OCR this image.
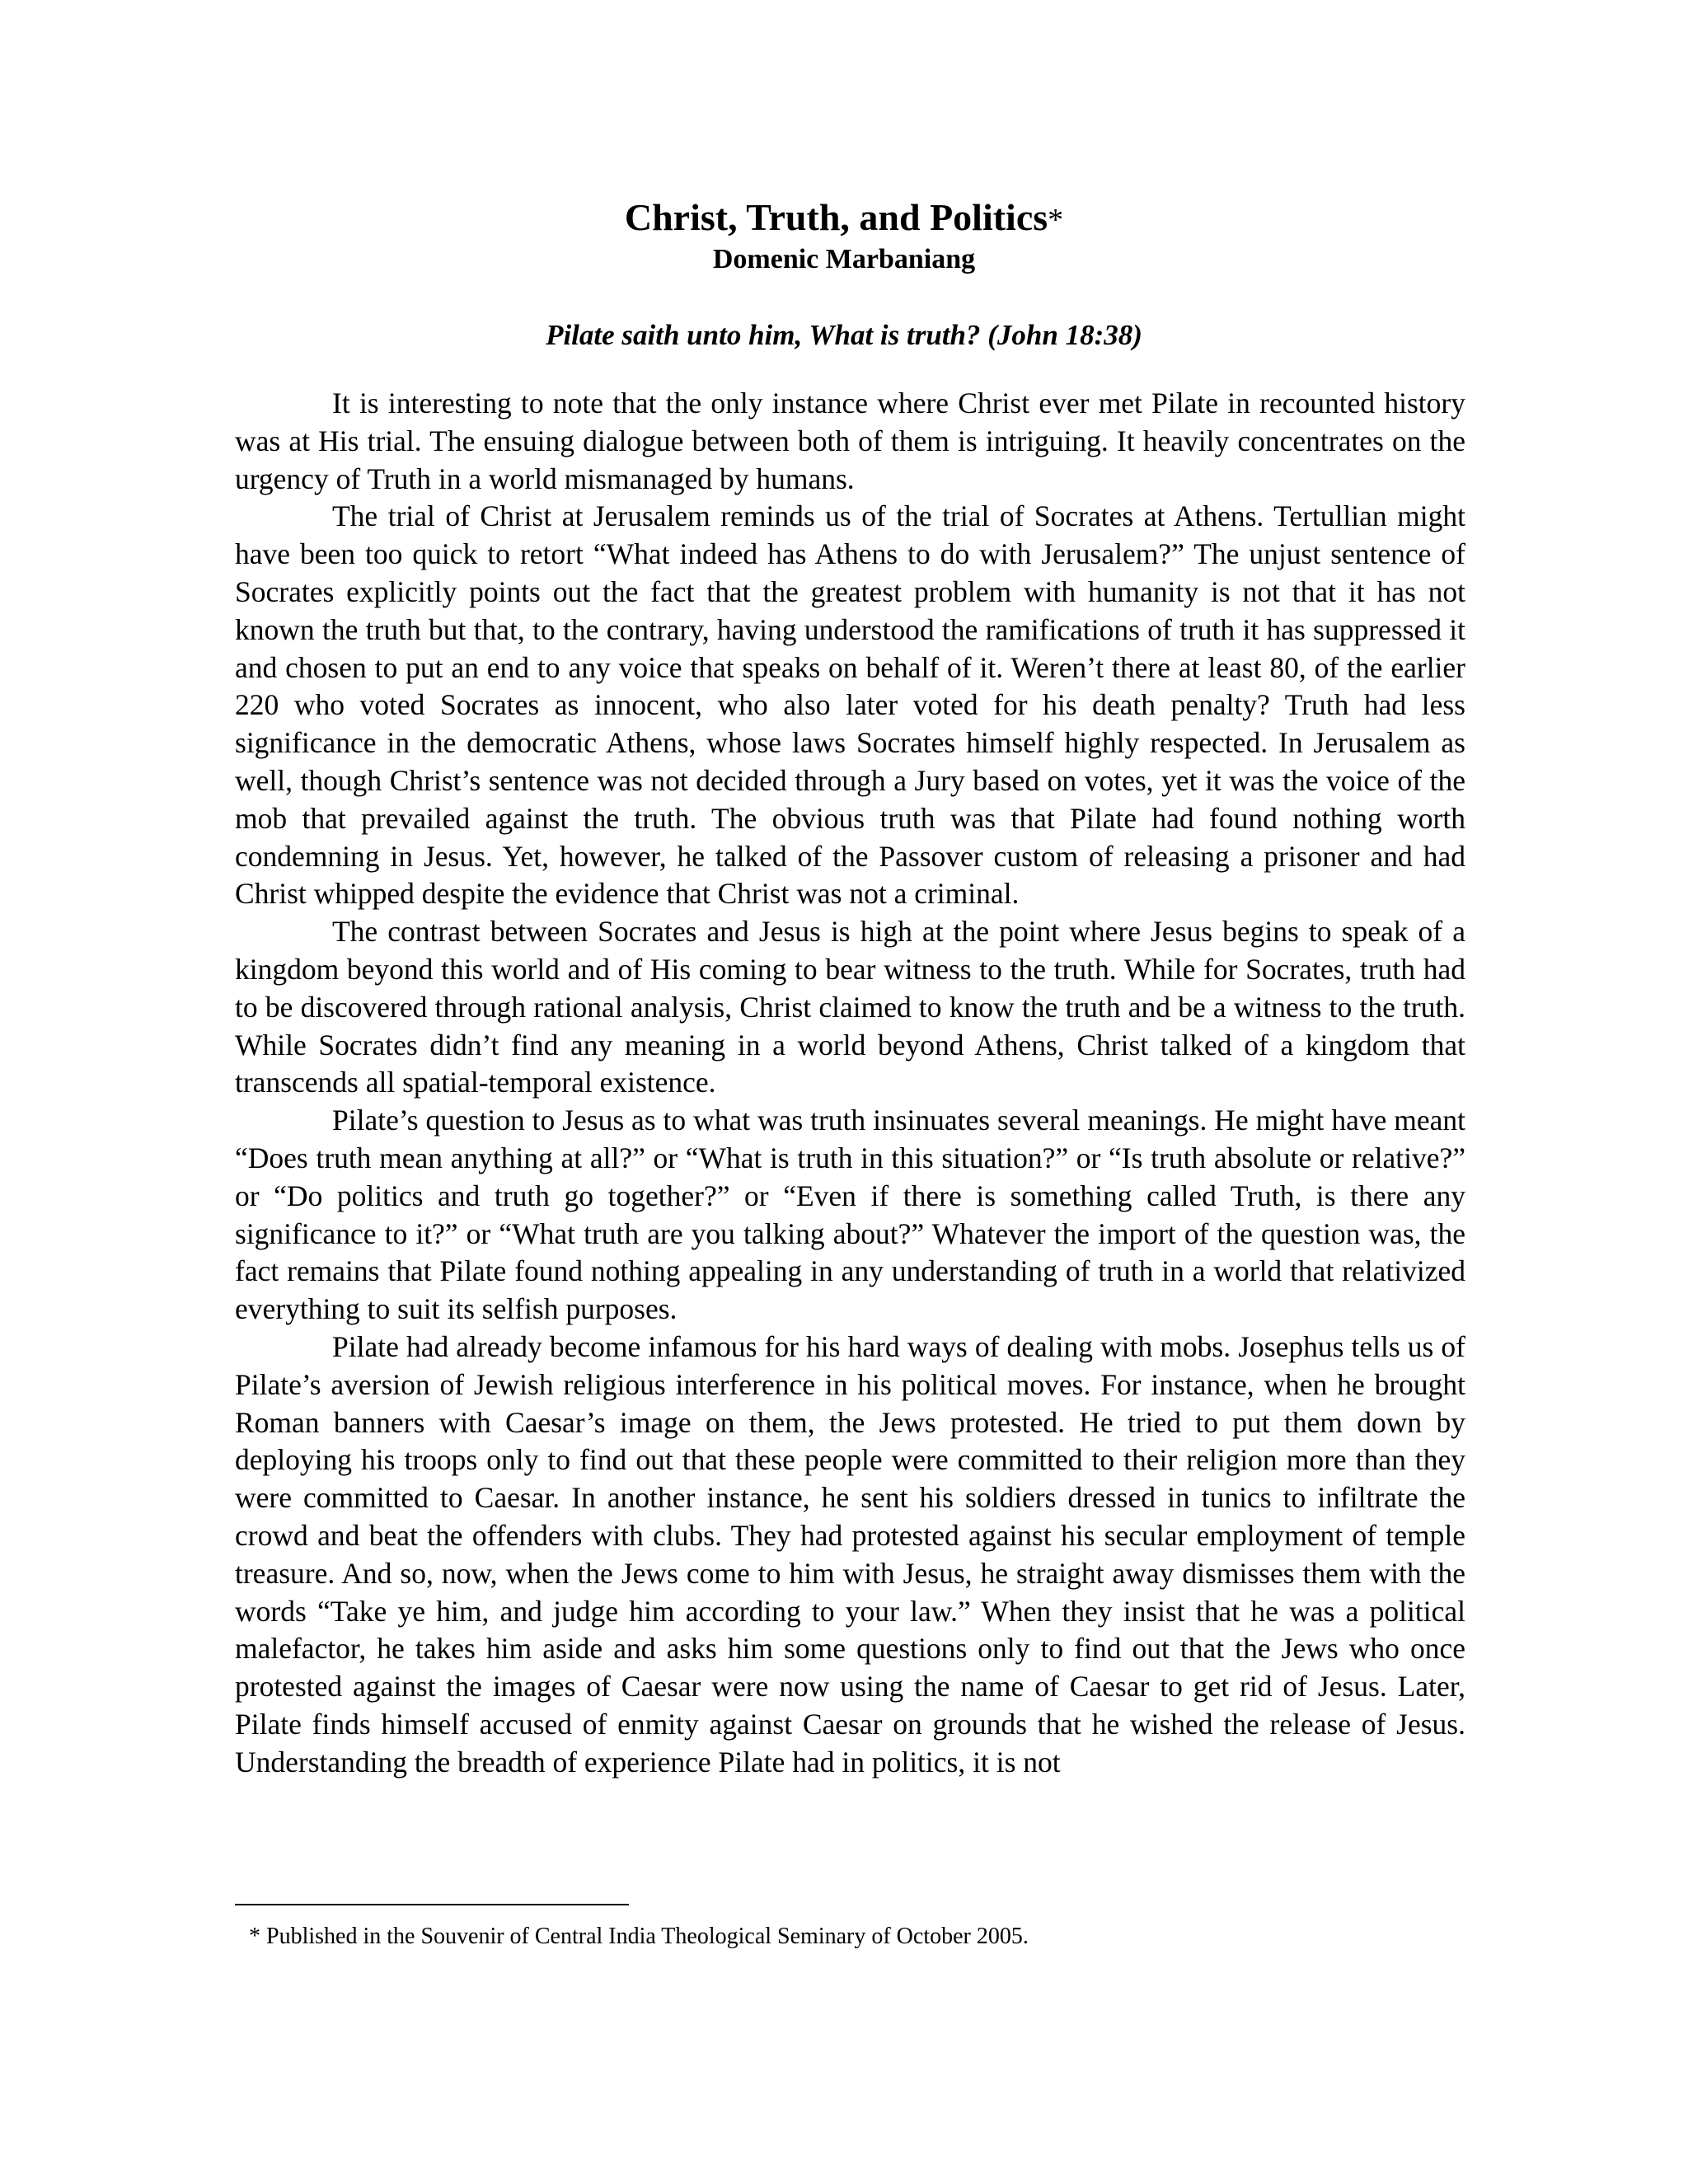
Christ, Truth, and Politics*

Domenic Marbaniang

Pilate saith unto him, What is truth? (John 18:38)

It is interesting to note that the only instance where Christ ever met Pilate in recounted history was at His trial. The ensuing dialogue between both of them is intriguing. It heavily concentrates on the urgency of Truth in a world mismanaged by humans.

The trial of Christ at Jerusalem reminds us of the trial of Socrates at Athens. Tertullian might have been too quick to retort “What indeed has Athens to do with Jerusalem?” The unjust sentence of Socrates explicitly points out the fact that the greatest problem with humanity is not that it has not known the truth but that, to the contrary, having understood the ramifications of truth it has suppressed it and chosen to put an end to any voice that speaks on behalf of it. Weren’t there at least 80, of the earlier 220 who voted Socrates as innocent, who also later voted for his death penalty? Truth had less significance in the democratic Athens, whose laws Socrates himself highly respected. In Jerusalem as well, though Christ’s sentence was not decided through a Jury based on votes, yet it was the voice of the mob that prevailed against the truth. The obvious truth was that Pilate had found nothing worth condemning in Jesus. Yet, however, he talked of the Passover custom of releasing a prisoner and had Christ whipped despite the evidence that Christ was not a criminal.

The contrast between Socrates and Jesus is high at the point where Jesus begins to speak of a kingdom beyond this world and of His coming to bear witness to the truth. While for Socrates, truth had to be discovered through rational analysis, Christ claimed to know the truth and be a witness to the truth. While Socrates didn’t find any meaning in a world beyond Athens, Christ talked of a kingdom that transcends all spatial-temporal existence.

Pilate’s question to Jesus as to what was truth insinuates several meanings. He might have meant “Does truth mean anything at all?” or “What is truth in this situation?” or “Is truth absolute or relative?” or “Do politics and truth go together?” or “Even if there is something called Truth, is there any significance to it?” or “What truth are you talking about?” Whatever the import of the question was, the fact remains that Pilate found nothing appealing in any understanding of truth in a world that relativized everything to suit its selfish purposes.

Pilate had already become infamous for his hard ways of dealing with mobs. Josephus tells us of Pilate’s aversion of Jewish religious interference in his political moves. For instance, when he brought Roman banners with Caesar’s image on them, the Jews protested. He tried to put them down by deploying his troops only to find out that these people were committed to their religion more than they were committed to Caesar. In another instance, he sent his soldiers dressed in tunics to infiltrate the crowd and beat the offenders with clubs. They had protested against his secular employment of temple treasure. And so, now, when the Jews come to him with Jesus, he straight away dismisses them with the words “Take ye him, and judge him according to your law.” When they insist that he was a political malefactor, he takes him aside and asks him some questions only to find out that the Jews who once protested against the images of Caesar were now using the name of Caesar to get rid of Jesus. Later, Pilate finds himself accused of enmity against Caesar on grounds that he wished the release of Jesus. Understanding the breadth of experience Pilate had in politics, it is not

* Published in the Souvenir of Central India Theological Seminary of October 2005.
